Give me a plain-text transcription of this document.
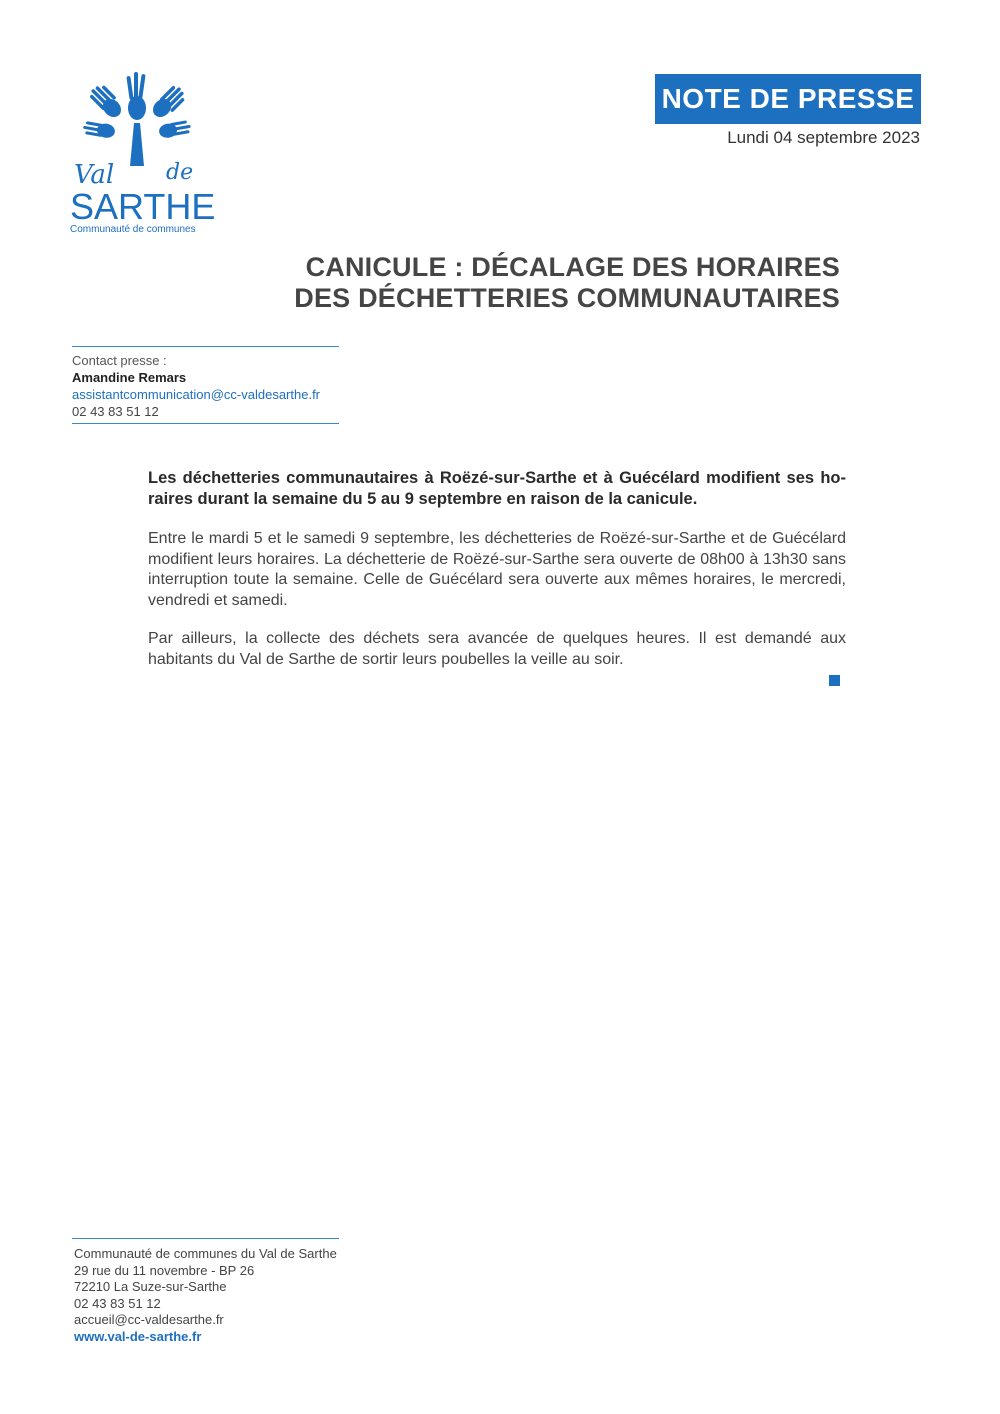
Val de
SARTHE
Communauté de communes
NOTE DE PRESSE
Lundi 04 septembre 2023
CANICULE : DÉCALAGE DES HORAIRES
DES DÉCHETTERIES COMMUNAUTAIRES
Contact presse :
Amandine Remars
assistantcommunication@cc-valdesarthe.fr
02 43 83 51 12
Les déchetteries communautaires à Roëzé-sur-Sarthe et à Guécélard modifient ses ho-
raires durant la semaine du 5 au 9 septembre en raison de la canicule.
Entre le mardi 5 et le samedi 9 septembre, les déchetteries de Roëzé-sur-Sarthe et de Guécélard modifient leurs horaires. La déchetterie de Roëzé-sur-Sarthe sera ouverte de 08h00 à 13h30 sans interruption toute la semaine. Celle de Guécélard sera ouverte aux mêmes horaires, le mercredi, vendredi et samedi.
Par ailleurs, la collecte des déchets sera avancée de quelques heures. Il est demandé aux habitants du Val de Sarthe de sortir leurs poubelles la veille au soir.
Communauté de communes du Val de Sarthe
29 rue du 11 novembre - BP 26
72210 La Suze-sur-Sarthe
02 43 83 51 12
accueil@cc-valdesarthe.fr
www.val-de-sarthe.fr
